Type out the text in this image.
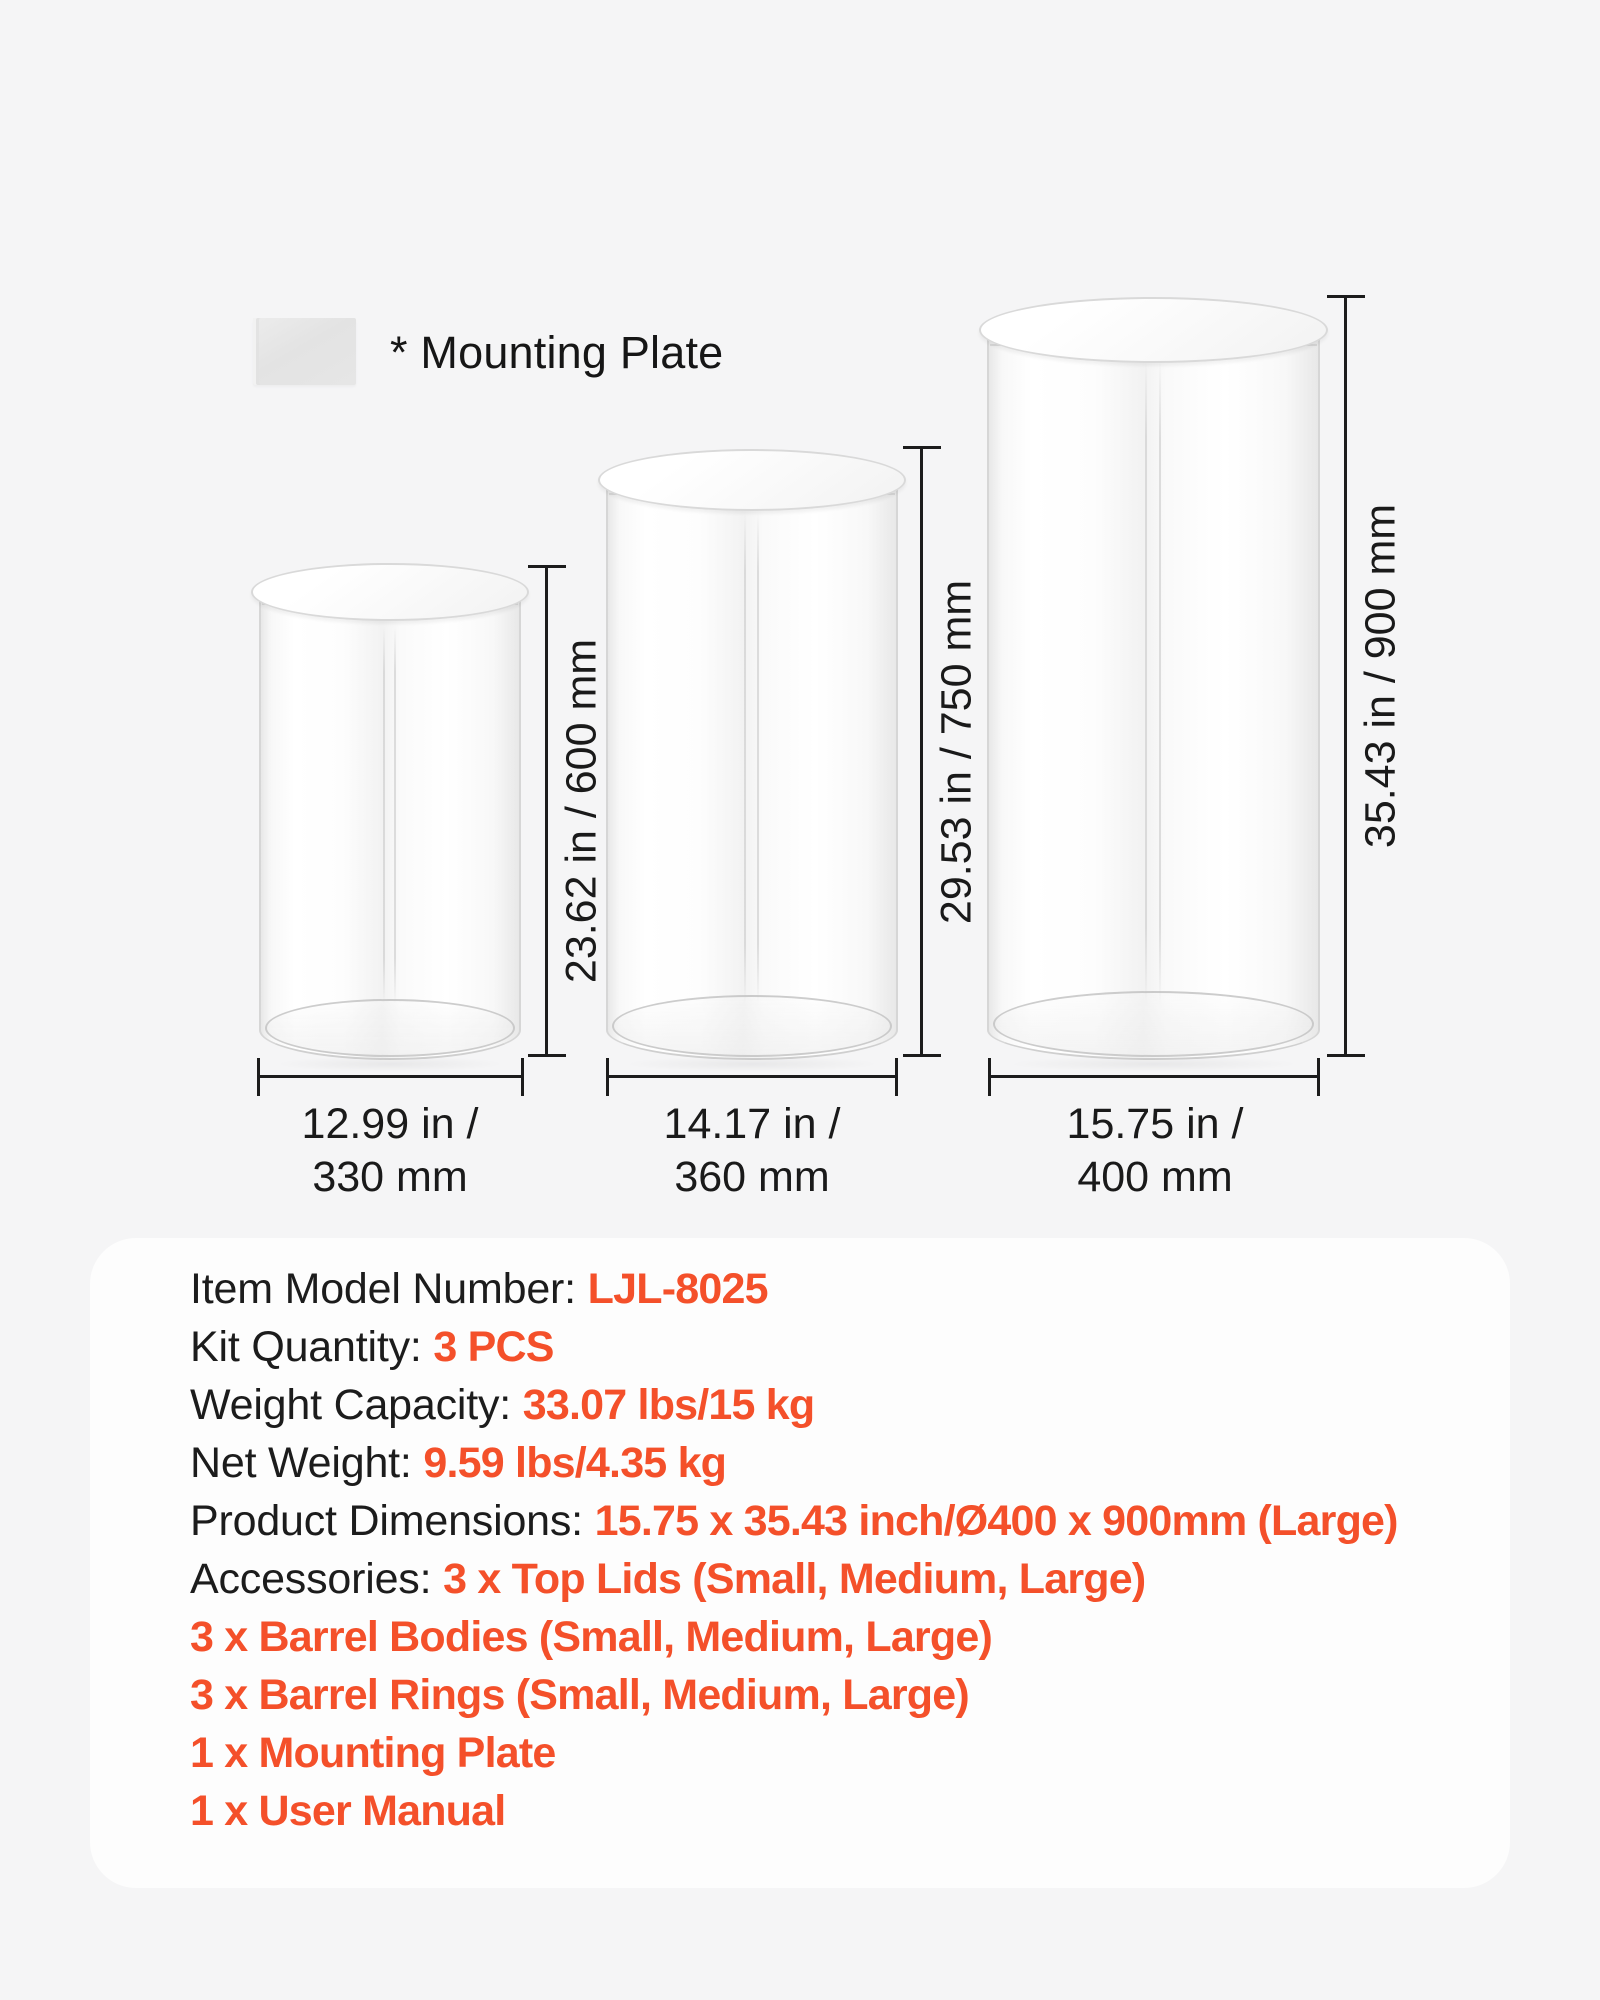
* Mounting Plate
23.62 in / 600 mm	29.53 in / 750 mm	35.43 in / 900 mm
12.99 in /
330 mm
14.17 in /
360 mm
15.75 in /
400 mm
Item Model Number: LJL-8025
Kit Quantity: 3 PCS
Weight Capacity: 33.07 lbs/15 kg
Net Weight: 9.59 lbs/4.35 kg
Product Dimensions: 15.75 x 35.43 inch/Ø400 x 900mm (Large)
Accessories: 3 x Top Lids (Small, Medium, Large)
3 x Barrel Bodies (Small, Medium, Large)
3 x Barrel Rings (Small, Medium, Large)
1 x Mounting Plate
1 x User Manual
